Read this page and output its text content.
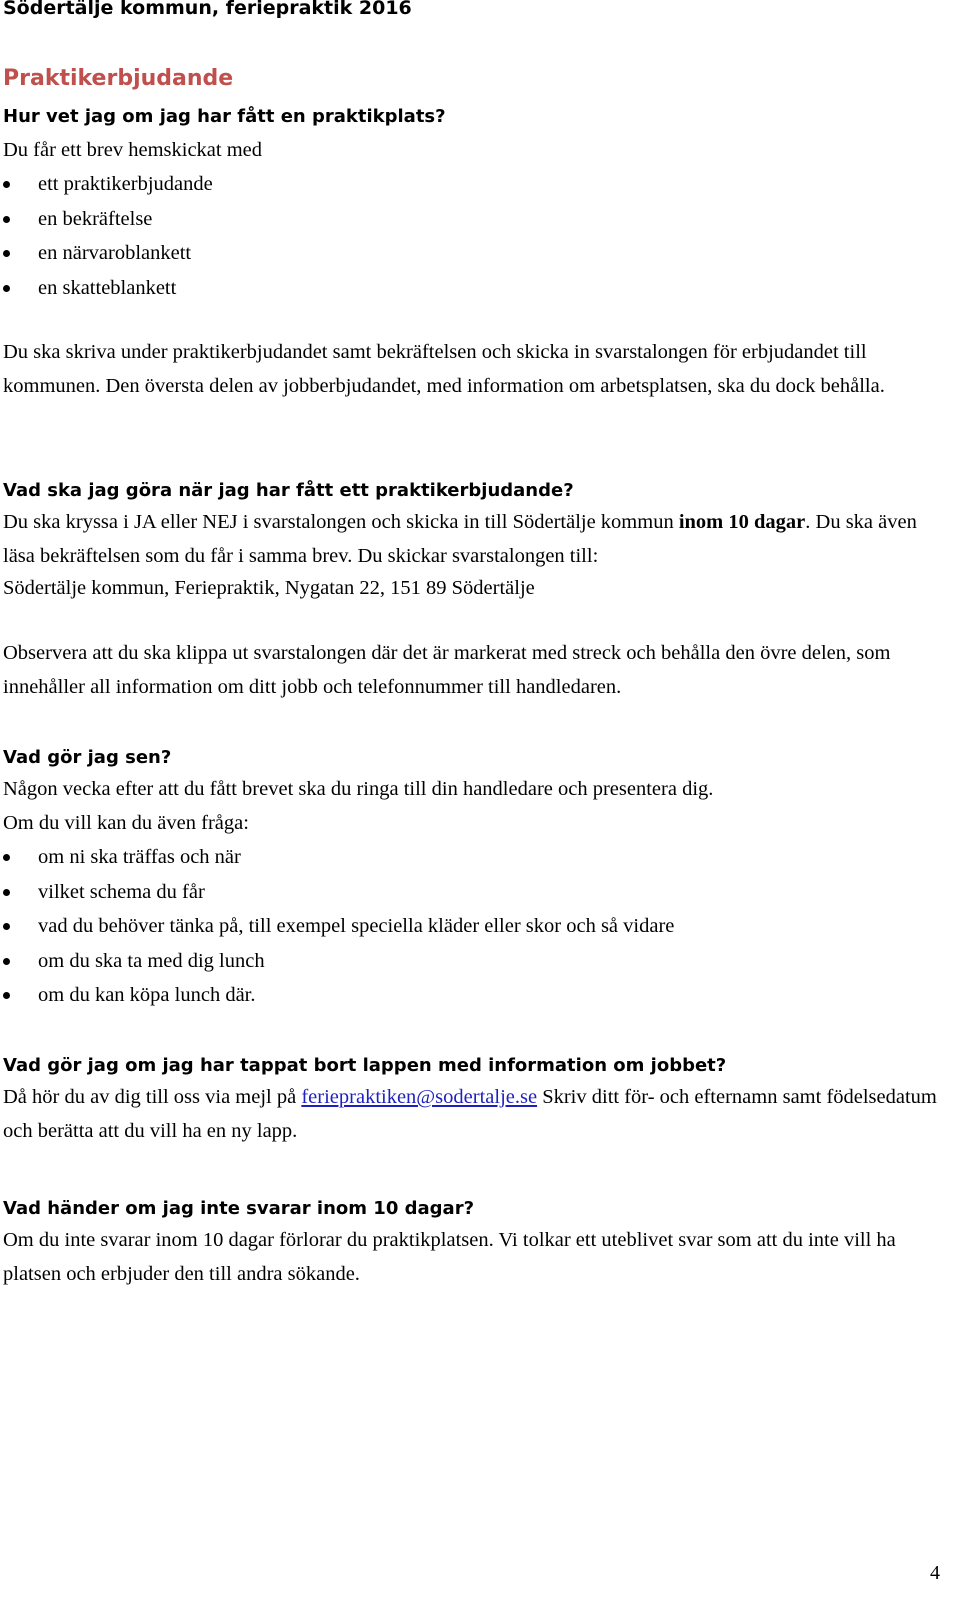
Södertälje kommun, feriepraktik 2016
Praktikerbjudande
Hur vet jag om jag har fått en praktikplats?

Du får ett brev hemskickat med

ett praktikerbjudande
en bekräftelse
en närvaroblankett
en skatteblankett

Du ska skriva under praktikerbjudandet samt bekräftelsen och skicka in svarstalongen för erbjudandet till kommunen. Den översta delen av jobberbjudandet, med information om arbetsplatsen, ska du dock behålla.

Vad ska jag göra när jag har fått ett praktikerbjudande?

Du ska kryssa i JA eller NEJ i svarstalongen och skicka in till Södertälje kommun inom 10 dagar. Du ska även läsa bekräftelsen som du får i samma brev. Du skickar svarstalongen till:

Södertälje kommun, Feriepraktik, Nygatan 22, 151 89 Södertälje

Observera att du ska klippa ut svarstalongen där det är markerat med streck och behålla den övre delen, som innehåller all information om ditt jobb och telefonnummer till handledaren.

Vad gör jag sen?

Någon vecka efter att du fått brevet ska du ringa till din handledare och presentera dig.

Om du vill kan du även fråga:

om ni ska träffas och när
vilket schema du får
vad du behöver tänka på, till exempel speciella kläder eller skor och så vidare
om du ska ta med dig lunch
om du kan köpa lunch där.
Vad gör jag om jag har tappat bort lappen med information om jobbet?

Då hör du av dig till oss via mejl på feriepraktiken@sodertalje.se Skriv ditt för- och efternamn samt födelsedatum och berätta att du vill ha en ny lapp.

Vad händer om jag inte svarar inom 10 dagar?

Om du inte svarar inom 10 dagar förlorar du praktikplatsen. Vi tolkar ett uteblivet svar som att du inte vill ha platsen och erbjuder den till andra sökande.

4
